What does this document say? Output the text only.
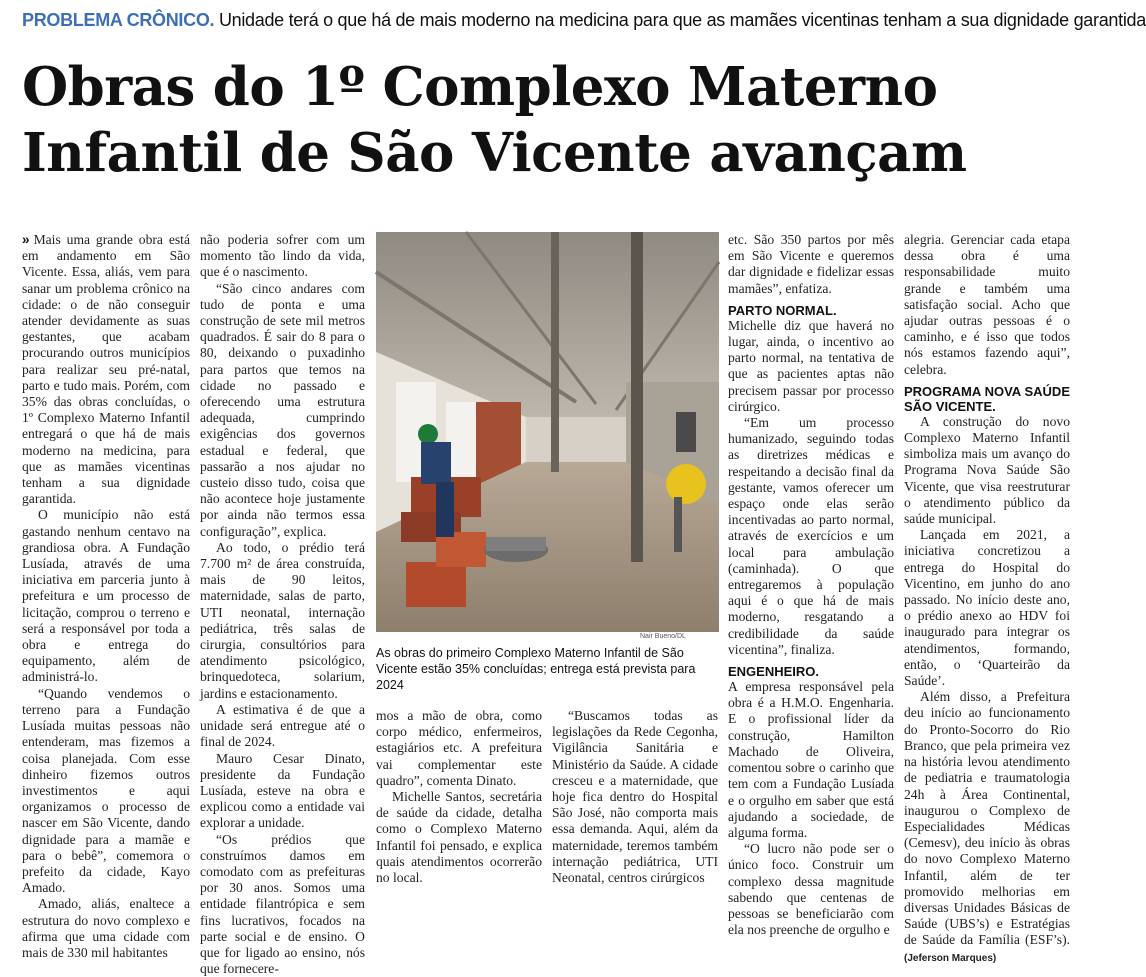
PROBLEMA CRÔNICO. Unidade terá o que há de mais moderno na medicina para que as mamães vicentinas tenham a sua dignidade garantida
Obras do 1º Complexo Materno
Infantil de São Vicente avançam

» Mais uma grande obra está em andamento em São Vicente. Essa, aliás, vem para sanar um problema crônico na cidade: o de não conseguir atender devidamente as suas gestantes, que acabam procurando outros municípios para realizar seu pré-natal, parto e tudo mais. Porém, com 35% das obras concluídas, o 1º Complexo Materno Infantil entregará o que há de mais moderno na medicina, para que as mamães vicentinas tenham a sua dignidade garantida.

O município não está gastando nenhum centavo na grandiosa obra. A Fundação Lusíada, através de uma iniciativa em parceria junto à prefeitura e um processo de licitação, comprou o terreno e será a responsável por toda a obra e entrega do equipamento, além de administrá-lo.

“Quando vendemos o terreno para a Fundação Lusíada muitas pessoas não entenderam, mas fizemos a coisa planejada. Com esse dinheiro fizemos outros investimentos e aqui organizamos o processo de nascer em São Vicente, dando dignidade para a mamãe e para o bebê”, comemora o prefeito da cidade, Kayo Amado.

Amado, aliás, enaltece a estrutura do novo complexo e afirma que uma cidade com mais de 330 mil habitantes

não poderia sofrer com um momento tão lindo da vida, que é o nascimento.

“São cinco andares com tudo de ponta e uma construção de sete mil metros quadrados. É sair do 8 para o 80, deixando o puxadinho para partos que temos na cidade no passado e oferecendo uma estrutura adequada, cumprindo exigências dos governos estadual e federal, que passarão a nos ajudar no custeio disso tudo, coisa que não acontece hoje justamente por ainda não termos essa configuração”, explica.

Ao todo, o prédio terá 7.700 m² de área construída, mais de 90 leitos, maternidade, salas de parto, UTI neonatal, internação pediátrica, três salas de cirurgia, consultórios para atendimento psicológico, brinquedoteca, solarium, jardins e estacionamento.

A estimativa é de que a unidade será entregue até o final de 2024.

Mauro Cesar Dinato, presidente da Fundação Lusíada, esteve na obra e explicou como a entidade vai explorar a unidade.

“Os prédios que construímos damos em comodato com as prefeituras por 30 anos. Somos uma entidade filantrópica e sem fins lucrativos, focados na parte social e de ensino. O que for ligado ao ensino, nós que fornecere-

Nair Bueno/DL
As obras do primeiro Complexo Materno Infantil de São Vicente estão 35% concluídas; entrega está prevista para 2024

mos a mão de obra, como corpo médico, enfermeiros, estagiários etc. A prefeitura vai complementar este quadro”, comenta Dinato.

Michelle Santos, secretária de saúde da cidade, detalha como o Complexo Materno Infantil foi pensado, e explica quais atendimentos ocorrerão no local.

“Buscamos todas as legislações da Rede Cegonha, Vigilância Sanitária e Ministério da Saúde. A cidade cresceu e a maternidade, que hoje fica dentro do Hospital São José, não comporta mais essa demanda. Aqui, além da maternidade, teremos também internação pediátrica, UTI Neonatal, centros cirúrgicos

etc. São 350 partos por mês em São Vicente e queremos dar dignidade e fidelizar essas mamães”, enfatiza.

PARTO NORMAL.

Michelle diz que haverá no lugar, ainda, o incentivo ao parto normal, na tentativa de que as pacientes aptas não precisem passar por processo cirúrgico.

“Em um processo humanizado, seguindo todas as diretrizes médicas e respeitando a decisão final da gestante, vamos oferecer um espaço onde elas serão incentivadas ao parto normal, através de exercícios e um local para ambulação (caminhada). O que entregaremos à população aqui é o que há de mais moderno, resgatando a credibilidade da saúde vicentina”, finaliza.

ENGENHEIRO.

A empresa responsável pela obra é a H.M.O. Engenharia. E o profissional líder da construção, Hamilton Machado de Oliveira, comentou sobre o carinho que tem com a Fundação Lusíada e o orgulho em saber que está ajudando a sociedade, de alguma forma.

“O lucro não pode ser o único foco. Construir um complexo dessa magnitude sabendo que centenas de pessoas se beneficiarão com ela nos preenche de orgulho e

alegria. Gerenciar cada etapa dessa obra é uma responsabilidade muito grande e também uma satisfação social. Acho que ajudar outras pessoas é o caminho, e é isso que todos nós estamos fazendo aqui”, celebra.

PROGRAMA NOVA SAÚDE SÃO VICENTE.

A construção do novo Complexo Materno Infantil simboliza mais um avanço do Programa Nova Saúde São Vicente, que visa reestruturar o atendimento público da saúde municipal.

Lançada em 2021, a iniciativa concretizou a entrega do Hospital do Vicentino, em junho do ano passado. No início deste ano, o prédio anexo ao HDV foi inaugurado para integrar os atendimentos, formando, então, o ‘Quarteirão da Saúde’.

Além disso, a Prefeitura deu início ao funcionamento do Pronto-Socorro do Rio Branco, que pela primeira vez na história levou atendimento de pediatria e traumatologia 24h à Área Continental, inaugurou o Complexo de Especialidades Médicas (Cemesv), deu início às obras do novo Complexo Materno Infantil, além de ter promovido melhorias em diversas Unidades Básicas de Saúde (UBS’s) e Estratégias de Saúde da Família (ESF’s). (Jeferson Marques)
